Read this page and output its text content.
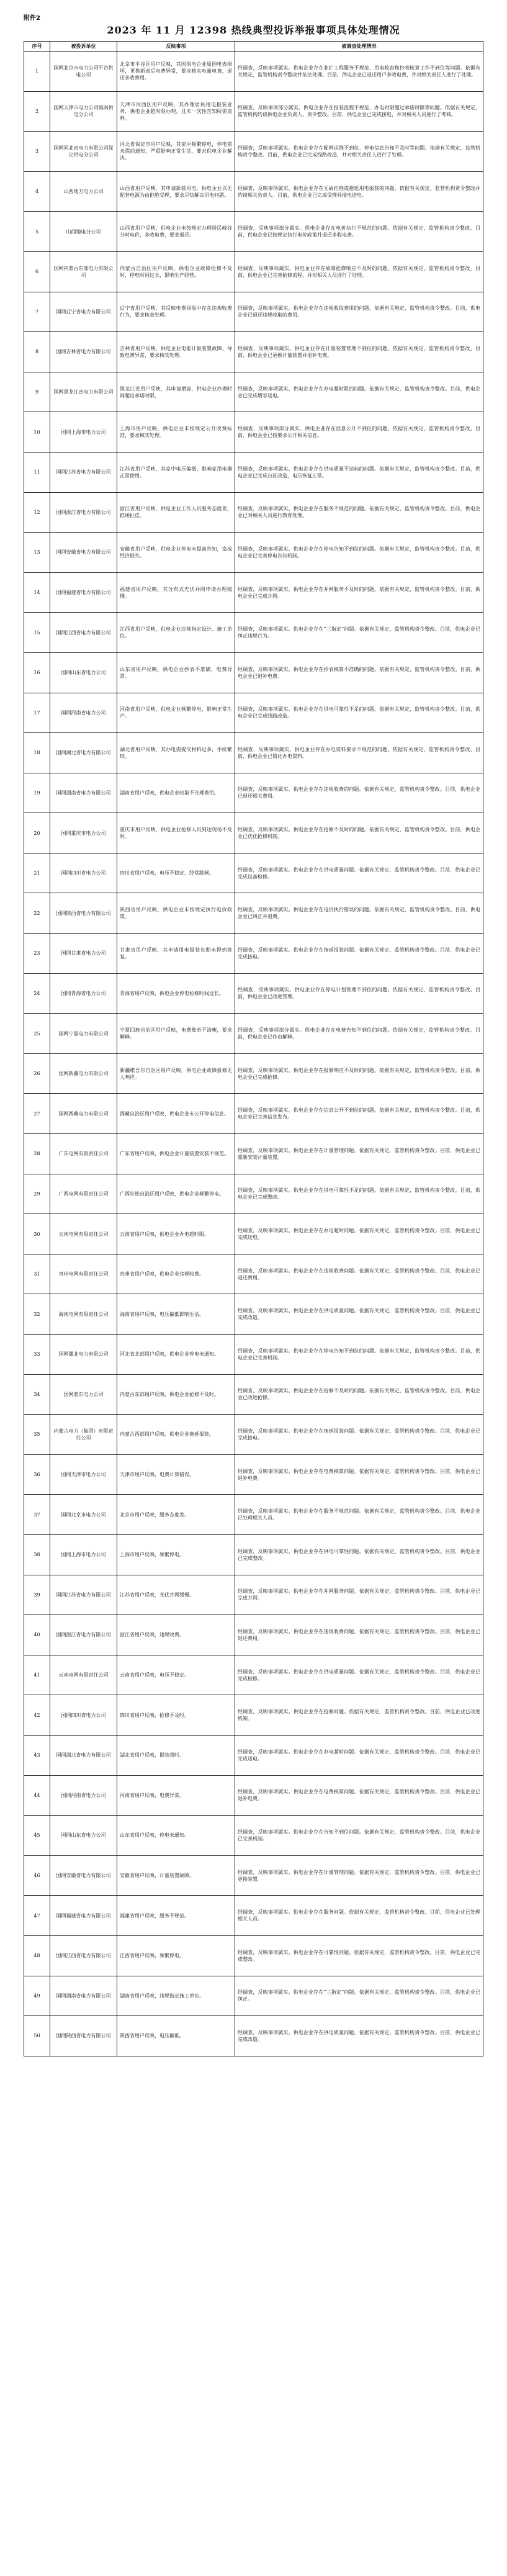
附件2
2023 年 11 月 12398 热线典型投诉举报事项具体处理情况
序号	被投诉单位	反映事项	被调查处理情况
1	国网北京市电力公司平谷供电公司	北京市平谷区用户反映，其因供电企业原因电表损坏，更换新表后电费异常，要求核实电量电费，退还多收费用。	经调查，反映事项属实。供电企业存在业扩工程服务不规范、用电检查和抄表核算工作不到位等问题。依据有关规定，监管机构责令整改并依法处理。目前，供电企业已退还用户多收电费，并对相关责任人进行了处理。
2	国网天津市电力公司城南供电分公司	天津市河西区用户反映，其办理居民用电报装业务，供电企业超时限办理，且未一次性告知所需资料。	经调查，反映事项部分属实。供电企业存在报装流程不规范、办电时限超过承诺时限等问题。依据有关规定，监管机构约谈供电企业负责人，责令整改。目前，供电企业已完成接电，并对相关人员进行了考核。
3	国网河北省电力有限公司保定供电分公司	河北省保定市用户反映，其家中频繁停电，停电前未提前通知，严重影响正常生活，要求供电企业解决。	经调查，反映事项属实。供电企业存在配网运维不到位、停电信息告知不及时等问题。依据有关规定，监管机构责令整改。目前，供电企业已完成线路改造，并对相关责任人进行了处理。
4	山西地方电力公司	山西省用户反映，其申请新装用电，供电企业以无配套电源为由拒绝受理，要求尽快解决用电问题。	经调查，反映事项属实。供电企业存在无故拒绝或拖延用电报装的问题。依据有关规定，监管机构责令整改并约谈相关负责人。目前，供电企业已完成受理并接电送电。
5	山西地电分公司	山西省用户反映，供电企业未按规定办理居民峰谷分时电价，多收电费，要求退还。	经调查，反映事项部分属实。供电企业存在电价执行不规范的问题。依据有关规定，监管机构责令整改。目前，供电企业已按规定执行电价政策并退还多收电费。
6	国网内蒙古东部电力有限公司	内蒙古自治区用户反映，供电企业故障抢修不及时，停电时间过长，影响生产经营。	经调查，反映事项属实。供电企业存在故障抢修响应不及时的问题。依据有关规定，监管机构责令整改。目前，供电企业已完善抢修流程，并对相关人员进行了处理。
7	国网辽宁省电力有限公司	辽宁省用户反映，其反映电费回收中存在违规收费行为，要求核查处理。	经调查，反映事项属实。供电企业存在违规收取费用的问题。依据有关规定，监管机构责令整改。目前，供电企业已退还违规收取的费用。
8	国网吉林省电力有限公司	吉林省用户反映，供电企业电能计量装置故障，导致电费异常，要求核实处理。	经调查，反映事项属实。供电企业存在计量装置管理不到位的问题。依据有关规定，监管机构责令整改。目前，供电企业已更换计量装置并退补电费。
9	国网黑龙江省电力有限公司	黑龙江省用户反映，其申请增容，供电企业办理时间超出承诺时限。	经调查，反映事项属实。供电企业存在办电超时限的问题。依据有关规定，监管机构责令整改。目前，供电企业已完成增容送电。
10	国网上海市电力公司	上海市用户反映，供电企业未按规定公开收费标准，要求核实处理。	经调查，反映事项部分属实。供电企业存在信息公开不到位的问题。依据有关规定，监管机构责令整改。目前，供电企业已按要求公开相关信息。
11	国网江苏省电力有限公司	江苏省用户反映，其家中电压偏低，影响家用电器正常使用。	经调查，反映事项属实。供电企业存在供电质量不达标的问题。依据有关规定，监管机构责令整改。目前，供电企业已完成台区改造，电压恢复正常。
12	国网浙江省电力有限公司	浙江省用户反映，供电企业工作人员服务态度差，推诿扯皮。	经调查，反映事项属实。供电企业存在服务不规范的问题。依据有关规定，监管机构责令整改。目前，供电企业已对相关人员进行教育处理。
13	国网安徽省电力有限公司	安徽省用户反映，供电企业停电未提前告知，造成经济损失。	经调查，反映事项属实。供电企业存在停电告知不到位的问题。依据有关规定，监管机构责令整改。目前，供电企业已完善停电告知机制。
14	国网福建省电力有限公司	福建省用户反映，其分布式光伏并网申请办理缓慢。	经调查，反映事项属实。供电企业存在并网服务不及时的问题。依据有关规定，监管机构责令整改。目前，供电企业已完成并网。
15	国网江西省电力有限公司	江西省用户反映，供电企业违规指定设计、施工单位。	经调查，反映事项属实。供电企业存在“三指定”问题。依据有关规定，监管机构责令整改。目前，供电企业已纠正违规行为。
16	国网山东省电力公司	山东省用户反映，供电企业抄表不准确，电费异常。	经调查，反映事项属实。供电企业存在抄表核算不准确的问题。依据有关规定，监管机构责令整改。目前，供电企业已退补电费。
17	国网河南省电力公司	河南省用户反映，供电企业频繁停电，影响正常生产。	经调查，反映事项属实。供电企业存在供电可靠性不足的问题。依据有关规定，监管机构责令整改。目前，供电企业已完成线路改造。
18	国网湖北省电力有限公司	湖北省用户反映，其办电需提交材料过多，手续繁琐。	经调查，反映事项属实。供电企业存在办电资料要求不规范的问题。依据有关规定，监管机构责令整改。目前，供电企业已简化办电资料。
19	国网湖南省电力有限公司	湖南省用户反映，供电企业收取不合理费用。	经调查，反映事项属实。供电企业存在违规收费的问题。依据有关规定，监管机构责令整改。目前，供电企业已退还相关费用。
20	国网重庆市电力公司	重庆市用户反映，供电企业抢修人员到达现场不及时。	经调查，反映事项属实。供电企业存在抢修不及时的问题。依据有关规定，监管机构责令整改。目前，供电企业已优化抢修机制。
21	国网四川省电力公司	四川省用户反映，电压不稳定，经常跳闸。	经调查，反映事项属实。供电企业存在供电质量问题。依据有关规定，监管机构责令整改。目前，供电企业已完成设备检修。
22	国网陕西省电力有限公司	陕西省用户反映，供电企业未按规定执行电价政策。	经调查，反映事项属实。供电企业存在电价执行错误的问题。依据有关规定，监管机构责令整改。目前，供电企业已纠正并退费。
23	国网甘肃省电力公司	甘肃省用户反映，其申请用电报装长期未得到答复。	经调查，反映事项属实。供电企业存在拖延报装问题。依据有关规定，监管机构责令整改。目前，供电企业已完成接电。
24	国网青海省电力公司	青海省用户反映，供电企业停电检修时间过长。	经调查，反映事项属实。供电企业存在停电计划管理不到位的问题。依据有关规定，监管机构责令整改。目前，供电企业已改进管理。
25	国网宁夏电力有限公司	宁夏回族自治区用户反映，电费账单不清晰，要求解释。	经调查，反映事项部分属实。供电企业存在电费告知不到位的问题。依据有关规定，监管机构责令整改。目前，供电企业已作出解释。
26	国网新疆电力有限公司	新疆维吾尔自治区用户反映，供电企业故障报修无人响应。	经调查，反映事项属实。供电企业存在报修响应不及时的问题。依据有关规定，监管机构责令整改。目前，供电企业已完成抢修。
27	国网西藏电力有限公司	西藏自治区用户反映，供电企业未公开停电信息。	经调查，反映事项属实。供电企业存在信息公开不到位的问题。依据有关规定，监管机构责令整改。目前，供电企业已完善信息发布。
28	广东电网有限责任公司	广东省用户反映，供电企业计量装置安装不规范。	经调查，反映事项属实。供电企业存在计量管理问题。依据有关规定，监管机构责令整改。目前，供电企业已重新安装计量装置。
29	广西电网有限责任公司	广西壮族自治区用户反映，供电企业频繁停电。	经调查，反映事项属实。供电企业存在供电可靠性不足的问题。依据有关规定，监管机构责令整改。目前，供电企业已完成整改。
30	云南电网有限责任公司	云南省用户反映，供电企业办电超时限。	经调查，反映事项属实。供电企业存在办电超时问题。依据有关规定，监管机构责令整改。目前，供电企业已完成送电。
31	贵州电网有限责任公司	贵州省用户反映，供电企业违规收费。	经调查，反映事项属实。供电企业存在违规收费问题。依据有关规定，监管机构责令整改。目前，供电企业已退还费用。
32	海南电网有限责任公司	海南省用户反映，电压偏低影响生活。	经调查，反映事项属实。供电企业存在供电质量问题。依据有关规定，监管机构责令整改。目前，供电企业已完成改造。
33	国网冀北电力有限公司	河北省北部用户反映，供电企业停电未通知。	经调查，反映事项属实。供电企业存在停电告知不到位的问题。依据有关规定，监管机构责令整改。目前，供电企业已完善机制。
34	国网蒙东电力公司	内蒙古东部用户反映，供电企业抢修不及时。	经调查，反映事项属实。供电企业存在抢修不及时的问题。依据有关规定，监管机构责令整改。目前，供电企业已改进抢修。
35	内蒙古电力（集团）有限责任公司	内蒙古西部用户反映，供电企业拖延报装。	经调查，反映事项属实。供电企业存在拖延报装问题。依据有关规定，监管机构责令整改。目前，供电企业已完成接电。
36	国网天津市电力公司	天津市用户反映，电费计算错误。	经调查，反映事项属实。供电企业存在电费核算问题。依据有关规定，监管机构责令整改。目前，供电企业已退补电费。
37	国网北京市电力公司	北京市用户反映，服务态度差。	经调查，反映事项属实。供电企业存在服务不规范问题。依据有关规定，监管机构责令整改。目前，供电企业已处理相关人员。
38	国网上海市电力公司	上海市用户反映，频繁停电。	经调查，反映事项属实。供电企业存在供电可靠性问题。依据有关规定，监管机构责令整改。目前，供电企业已完成整改。
39	国网江苏省电力有限公司	江苏省用户反映，光伏并网缓慢。	经调查，反映事项属实。供电企业存在并网服务问题。依据有关规定，监管机构责令整改。目前，供电企业已完成并网。
40	国网浙江省电力有限公司	浙江省用户反映，违规收费。	经调查，反映事项属实。供电企业存在违规收费问题。依据有关规定，监管机构责令整改。目前，供电企业已退还费用。
41	云南电网有限责任公司	云南省用户反映，电压不稳定。	经调查，反映事项属实。供电企业存在供电质量问题。依据有关规定，监管机构责令整改。目前，供电企业已完成检修。
42	国网四川省电力公司	四川省用户反映，抢修不及时。	经调查，反映事项属实。供电企业存在抢修问题。依据有关规定，监管机构责令整改。目前，供电企业已改进机制。
43	国网湖北省电力有限公司	湖北省用户反映，报装超时。	经调查，反映事项属实。供电企业存在办电超时问题。依据有关规定，监管机构责令整改。目前，供电企业已完成送电。
44	国网河南省电力公司	河南省用户反映，电费异常。	经调查，反映事项属实。供电企业存在电费核算问题。依据有关规定，监管机构责令整改。目前，供电企业已退补电费。
45	国网山东省电力公司	山东省用户反映，停电未通知。	经调查，反映事项属实。供电企业存在告知不到位问题。依据有关规定，监管机构责令整改。目前，供电企业已完善机制。
46	国网安徽省电力有限公司	安徽省用户反映，计量装置故障。	经调查，反映事项属实。供电企业存在计量管理问题。依据有关规定，监管机构责令整改。目前，供电企业已更换装置。
47	国网福建省电力有限公司	福建省用户反映，服务不规范。	经调查，反映事项属实。供电企业存在服务问题。依据有关规定，监管机构责令整改。目前，供电企业已处理相关人员。
48	国网江西省电力有限公司	江西省用户反映，频繁停电。	经调查，反映事项属实。供电企业存在可靠性问题。依据有关规定，监管机构责令整改。目前，供电企业已完成整改。
49	国网湖南省电力有限公司	湖南省用户反映，违规指定施工单位。	经调查，反映事项属实。供电企业存在“三指定”问题。依据有关规定，监管机构责令整改。目前，供电企业已纠正。
50	国网陕西省电力有限公司	陕西省用户反映，电压偏低。	经调查，反映事项属实。供电企业存在供电质量问题。依据有关规定，监管机构责令整改。目前，供电企业已完成改造。
